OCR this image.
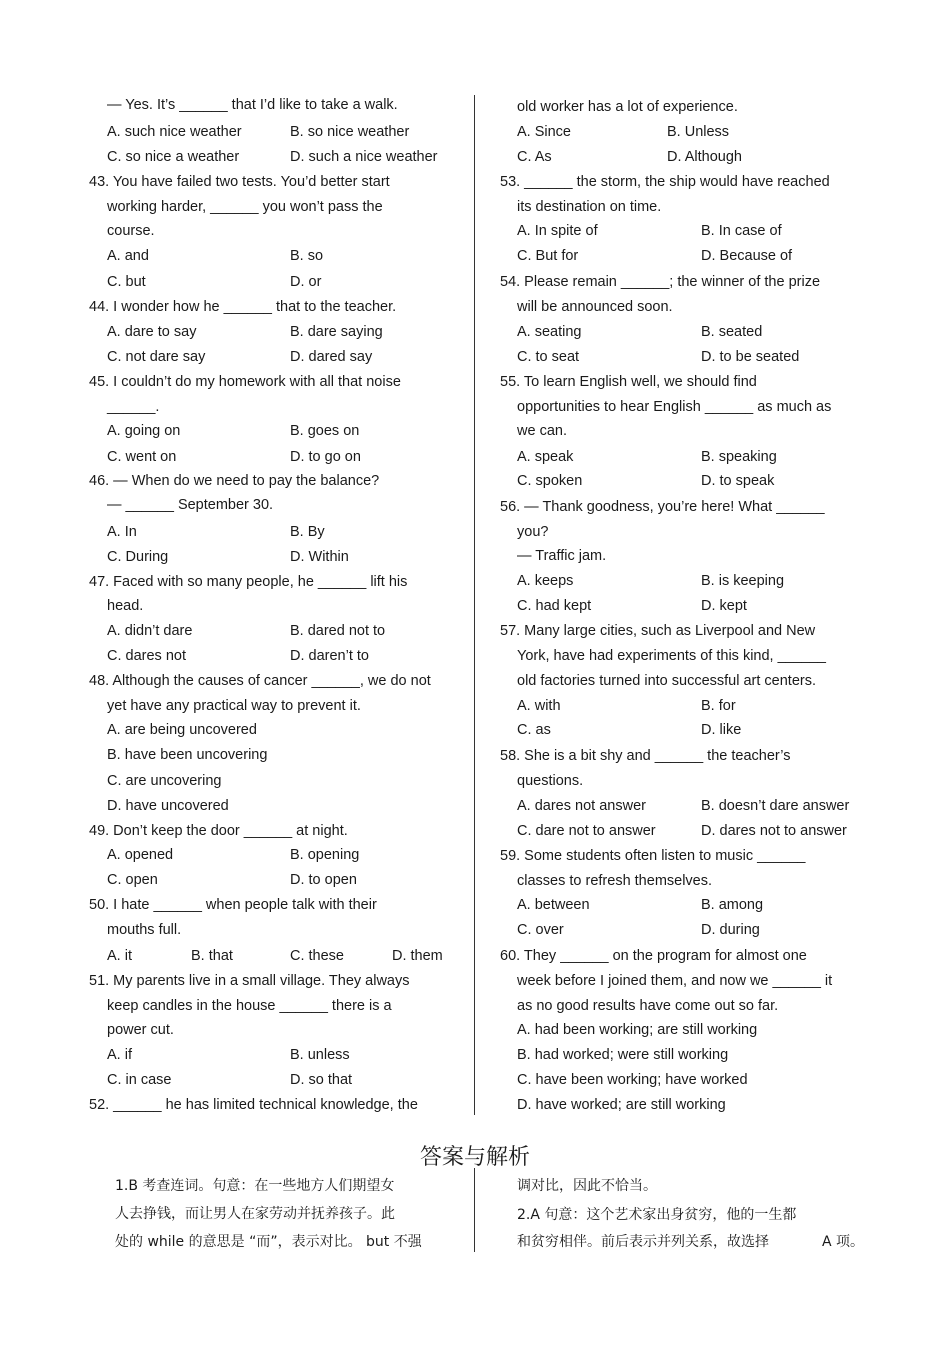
— Yes. It’s ______ that I’d like to take a walk.
A. such nice weather	B. so nice weather
C. so nice a weather	D. such a nice weather
43. You have failed two tests. You’d better start
working harder, ______ you won’t pass the
course.
A. and	B. so
C. but	D. or
44. I wonder how he ______ that to the teacher.
A. dare to say	B. dare saying
C. not dare say	D. dared say
45. I couldn’t do my homework with all that noise
______.
A. going on	B. goes on
C. went on	D. to go on
46. — When do we need to pay the balance?
— ______ September 30.
A. In	B. By
C. During	D. Within
47. Faced with so many people, he ______ lift his
head.
A. didn’t dare	B. dared not to
C. dares not	D. daren’t to
48. Although the causes of cancer ______, we do not
yet have any practical way to prevent it.
A. are being uncovered
B. have been uncovering
C. are uncovering
D. have uncovered
49. Don’t keep the door ______ at night.
A. opened	B. opening
C. open	D. to open
50. I hate ______ when people talk with their
mouths full.
A. it	B. that	C. these	D. them
51. My parents live in a small village. They always
keep candles in the house ______ there is a
power cut.
A. if	B. unless
C. in case	D. so that
52. ______ he has limited technical knowledge, the
old worker has a lot of experience.
A. Since	B. Unless
C. As	D. Although
53. ______ the storm, the ship would have reached
its destination on time.
A. In spite of	B. In case of
C. But for	D. Because of
54. Please remain ______; the winner of the prize
will be announced soon.
A. seating	B. seated
C. to seat	D. to be seated
55. To learn English well, we should find
opportunities to hear English ______ as much as
we can.
A. speak	B. speaking
C. spoken	D. to speak
56. — Thank goodness, you’re here! What ______
you?
— Traffic jam.
A. keeps	B. is keeping
C. had kept	D. kept
57. Many large cities, such as Liverpool and New
York, have had experiments of this kind, ______
old factories turned into successful art centers.
A. with	B. for
C. as	D. like
58. She is a bit shy and ______ the teacher’s
questions.
A. dares not answer	B. doesn’t dare answer
C. dare not to answer	D. dares not to answer
59. Some students often listen to music ______
classes to refresh themselves.
A. between	B. among
C. over	D. during
60. They ______ on the program for almost one
week before I joined them, and now we ______ it
as no good results have come out so far.
A. had been working; are still working
B. had worked; were still working
C. have been working; have worked
D. have worked; are still working
答案与解析
1.B 考查连词。句意：在一些地方人们期望女
人去挣钱，而让男人在家劳动并抚养孩子。此
处的 while 的意思是 “而”，表示对比。 but 不强
调对比，因此不恰当。
2.A 句意：这个艺术家出身贫穷，他的一生都
和贫穷相伴。前后表示并列关系，故选择	A 项。
